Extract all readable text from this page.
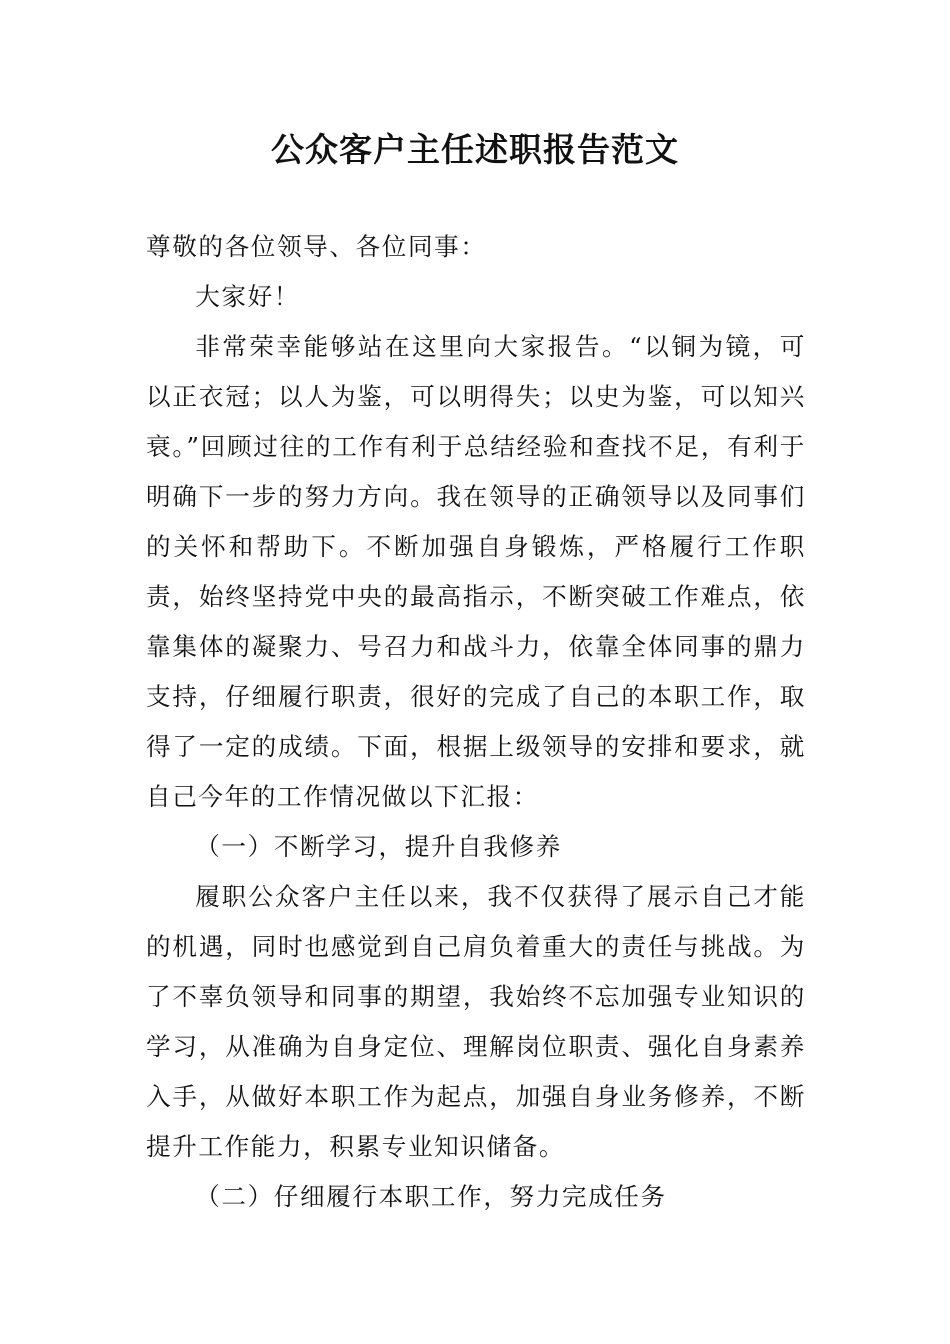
公众客户主任述职报告范文

尊敬的各位领导、各位同事：

大家好！

非常荣幸能够站在这里向大家报告。“以铜为镜，可以正衣冠；以人为鉴，可以明得失；以史为鉴，可以知兴衰。”回顾过往的工作有利于总结经验和查找不足，有利于明确下一步的努力方向。我在领导的正确领导以及同事们的关怀和帮助下。不断加强自身锻炼，严格履行工作职责，始终坚持党中央的最高指示，不断突破工作难点，依靠集体的凝聚力、号召力和战斗力，依靠全体同事的鼎力支持，仔细履行职责，很好的完成了自己的本职工作，取得了一定的成绩。下面，根据上级领导的安排和要求，就自己今年的工作情况做以下汇报：

（一）不断学习，提升自我修养

履职公众客户主任以来，我不仅获得了展示自己才能的机遇，同时也感觉到自己肩负着重大的责任与挑战。为了不辜负领导和同事的期望，我始终不忘加强专业知识的学习，从准确为自身定位、理解岗位职责、强化自身素养入手，从做好本职工作为起点，加强自身业务修养，不断提升工作能力，积累专业知识储备。

（二）仔细履行本职工作，努力完成任务
